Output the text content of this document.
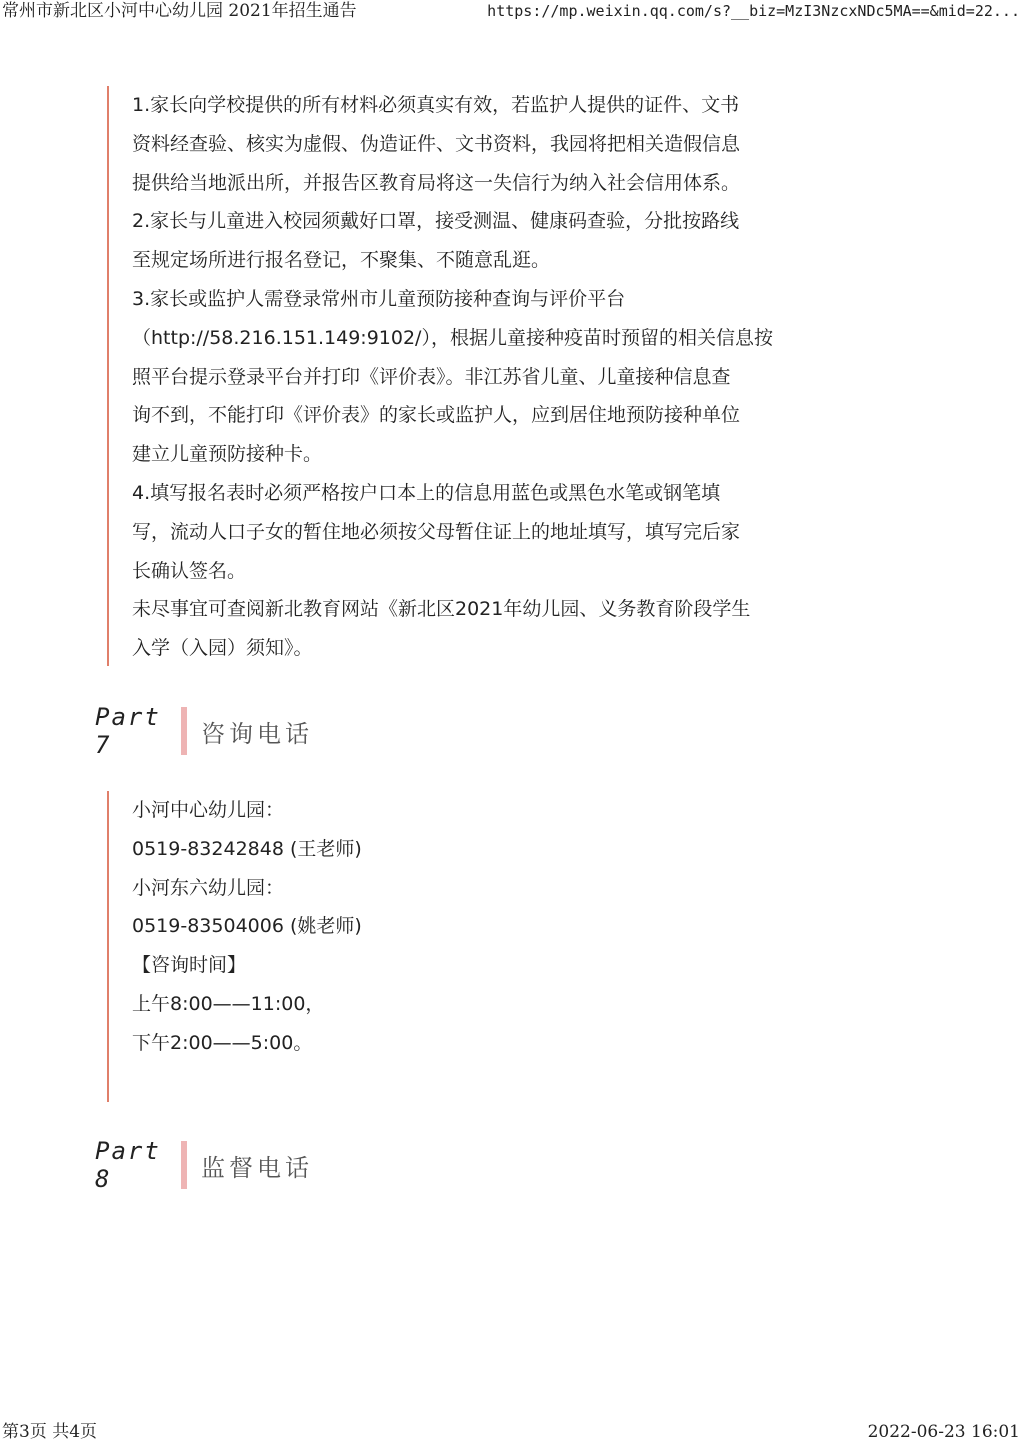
常州市新北区小河中心幼儿园 2021年招生通告	https://mp.weixin.qq.com/s?__biz=MzI3NzcxNDc5MA==&mid=22...

1.家长向学校提供的所有材料必须真实有效，若监护人提供的证件、文书

资料经查验、核实为虚假、伪造证件、文书资料，我园将把相关造假信息

提供给当地派出所，并报告区教育局将这一失信行为纳入社会信用体系。

2.家长与儿童进入校园须戴好口罩，接受测温、健康码查验，分批按路线

至规定场所进行报名登记，不聚集、不随意乱逛。

3.家长或监护人需登录常州市儿童预防接种查询与评价平台

（http://58.216.151.149:9102/），根据儿童接种疫苗时预留的相关信息按

照平台提示登录平台并打印《评价表》。非江苏省儿童、儿童接种信息查

询不到，不能打印《评价表》的家长或监护人，应到居住地预防接种单位

建立儿童预防接种卡。

4.填写报名表时必须严格按户口本上的信息用蓝色或黑色水笔或钢笔填

写，流动人口子女的暂住地必须按父母暂住证上的地址填写，填写完后家

长确认签名。

未尽事宜可查阅新北教育网站《新北区2021年幼儿园、义务教育阶段学生

入学（入园）须知》。

Part 7	咨询电话

小河中心幼儿园：

0519-83242848 (王老师)

小河东六幼儿园：

0519-83504006 (姚老师)

【咨询时间】

上午8:00——11:00，

下午2:00——5:00。

Part 8	监督电话
第3页 共4页	2022-06-23 16:01
